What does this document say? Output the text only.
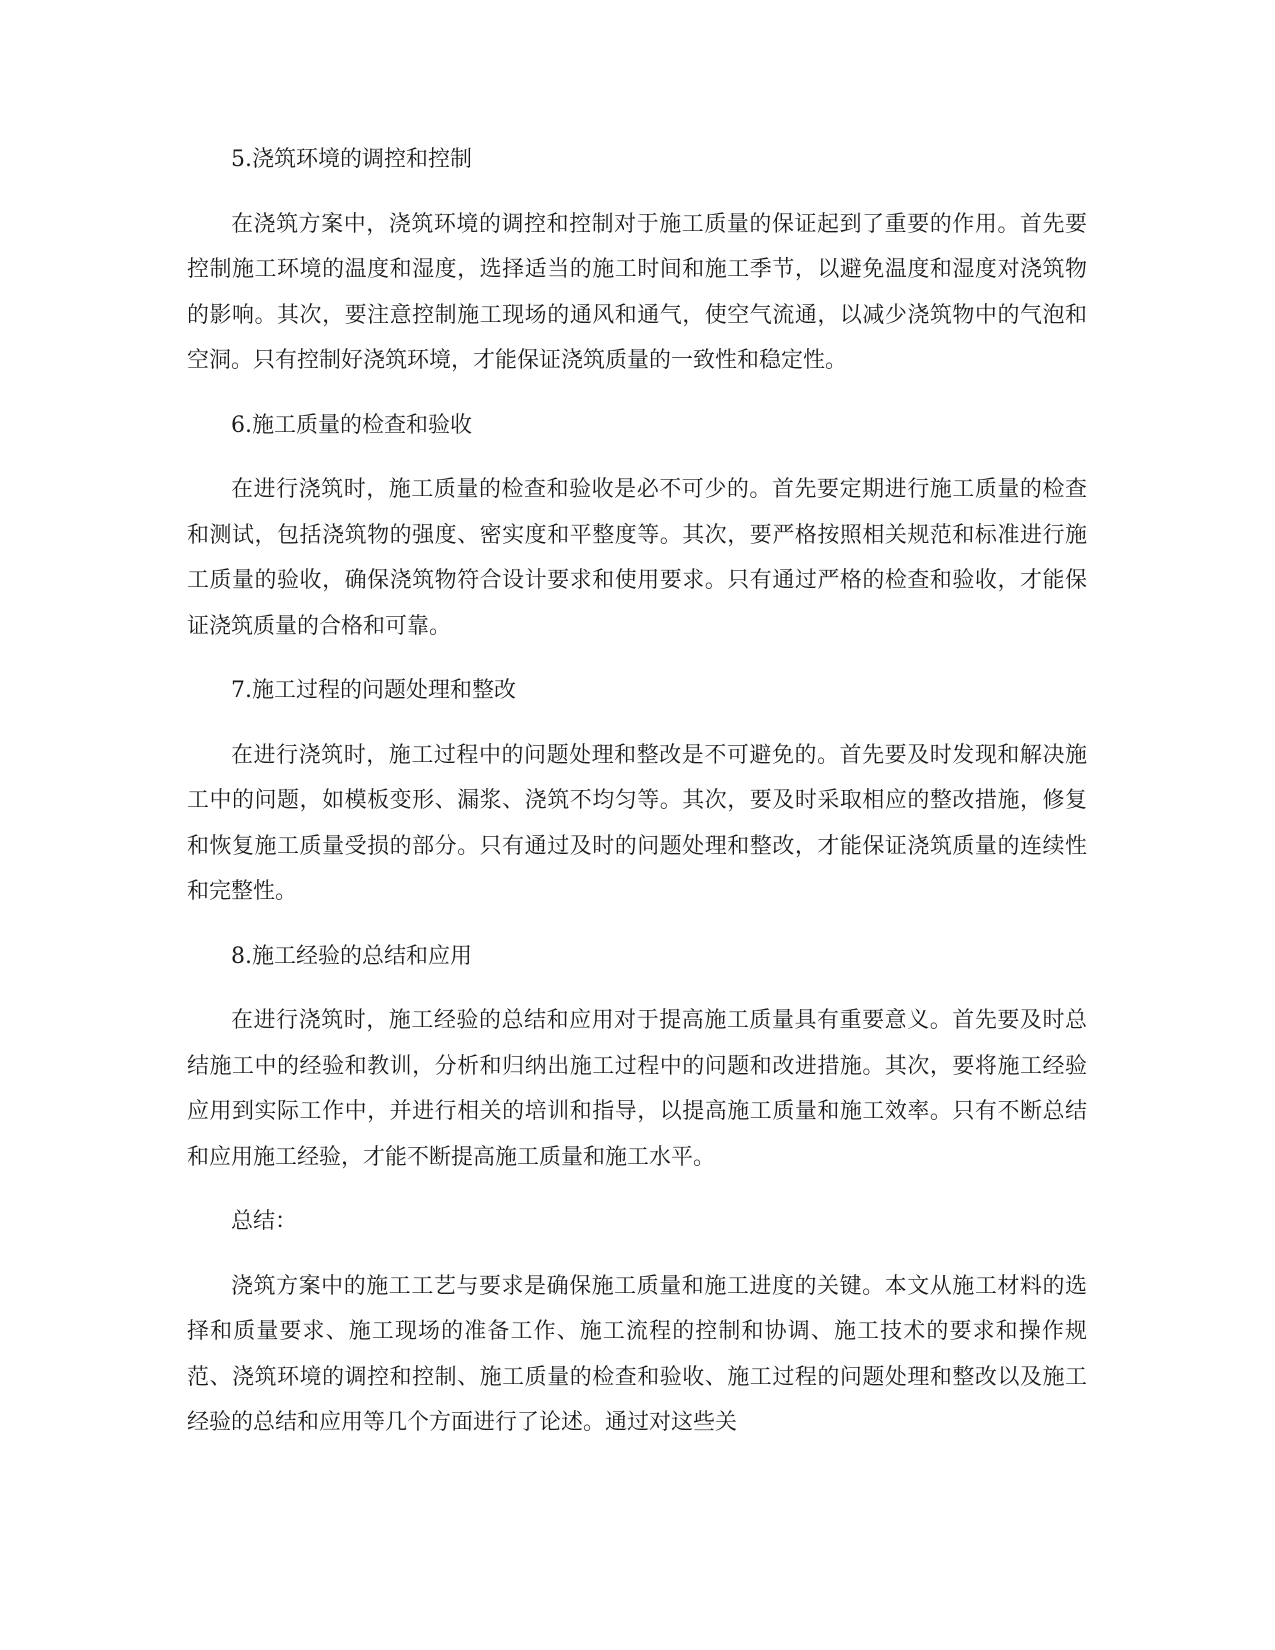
5.浇筑环境的调控和控制

在浇筑方案中，浇筑环境的调控和控制对于施工质量的保证起到了重要的作用。首先要控制施工环境的温度和湿度，选择适当的施工时间和施工季节，以避免温度和湿度对浇筑物的影响。其次，要注意控制施工现场的通风和通气，使空气流通，以减少浇筑物中的气泡和空洞。只有控制好浇筑环境，才能保证浇筑质量的一致性和稳定性。

6.施工质量的检查和验收

在进行浇筑时，施工质量的检查和验收是必不可少的。首先要定期进行施工质量的检查和测试，包括浇筑物的强度、密实度和平整度等。其次，要严格按照相关规范和标准进行施工质量的验收，确保浇筑物符合设计要求和使用要求。只有通过严格的检查和验收，才能保证浇筑质量的合格和可靠。

7.施工过程的问题处理和整改

在进行浇筑时，施工过程中的问题处理和整改是不可避免的。首先要及时发现和解决施工中的问题，如模板变形、漏浆、浇筑不均匀等。其次，要及时采取相应的整改措施，修复和恢复施工质量受损的部分。只有通过及时的问题处理和整改，才能保证浇筑质量的连续性和完整性。

8.施工经验的总结和应用

在进行浇筑时，施工经验的总结和应用对于提高施工质量具有重要意义。首先要及时总结施工中的经验和教训，分析和归纳出施工过程中的问题和改进措施。其次，要将施工经验应用到实际工作中，并进行相关的培训和指导，以提高施工质量和施工效率。只有不断总结和应用施工经验，才能不断提高施工质量和施工水平。

总结：

浇筑方案中的施工工艺与要求是确保施工质量和施工进度的关键。本文从施工材料的选择和质量要求、施工现场的准备工作、施工流程的控制和协调、施工技术的要求和操作规范、浇筑环境的调控和控制、施工质量的检查和验收、施工过程的问题处理和整改以及施工经验的总结和应用等几个方面进行了论述。通过对这些关
